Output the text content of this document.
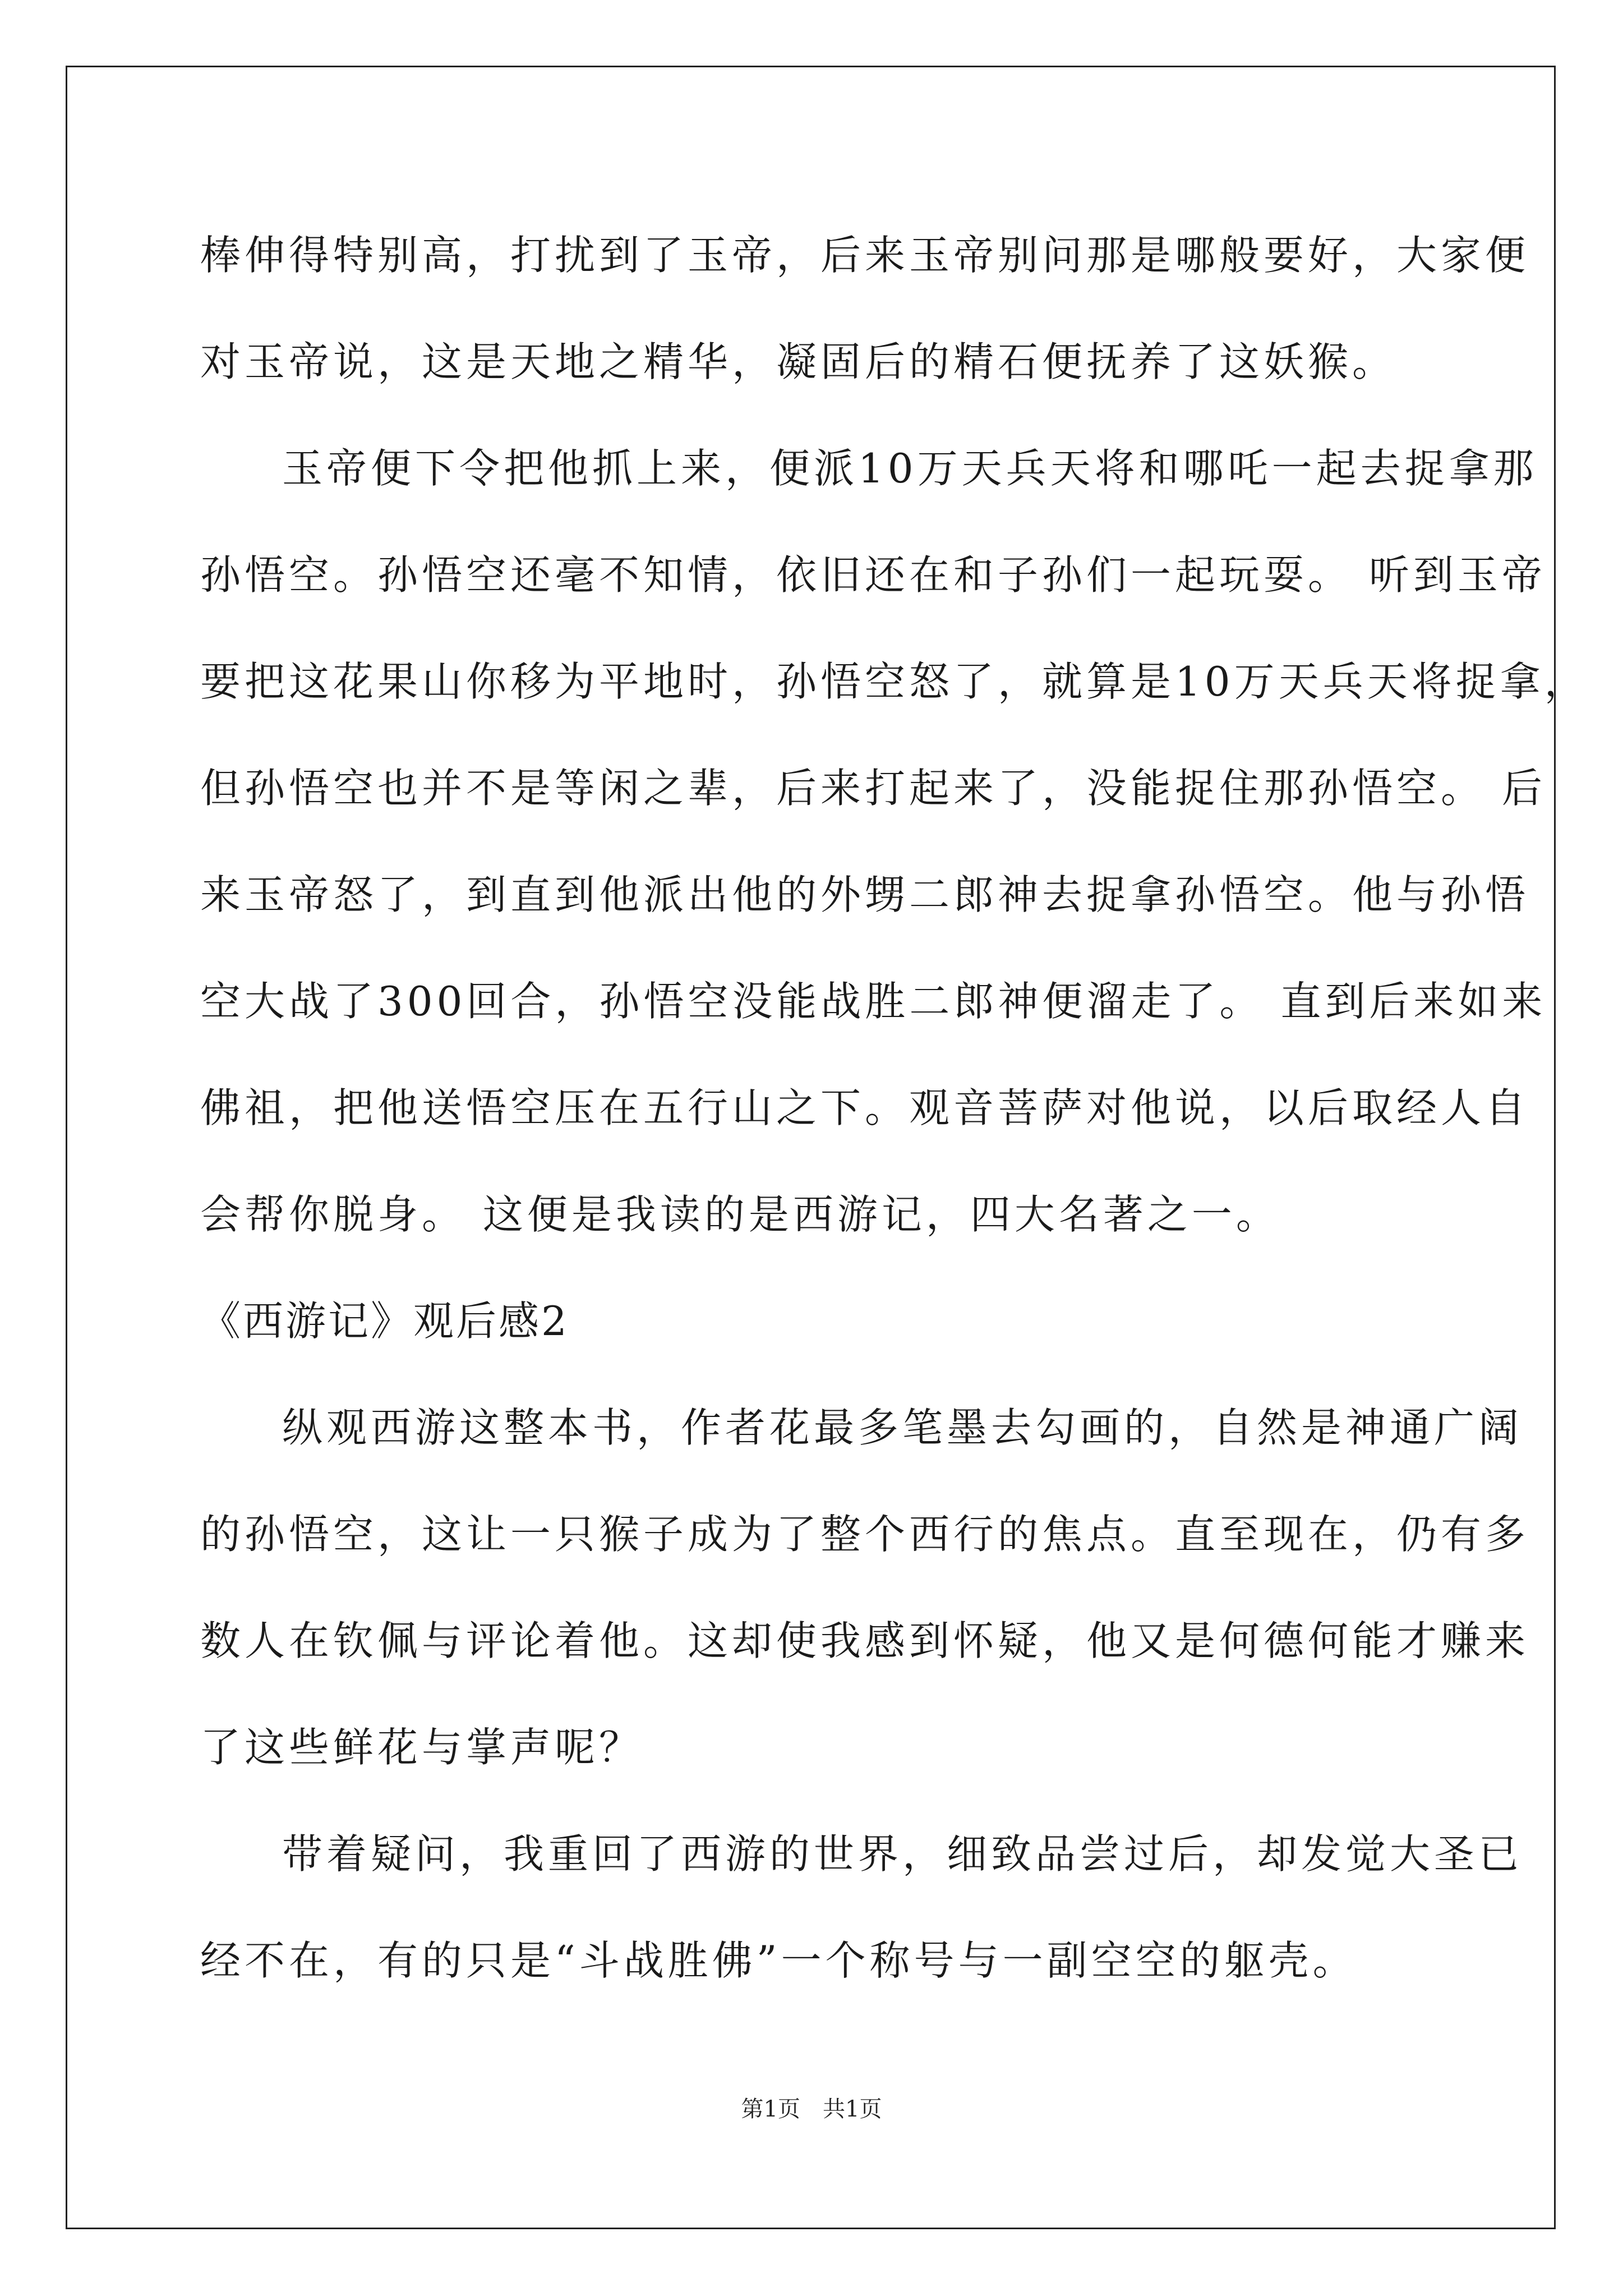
棒伸得特别高，打扰到了玉帝，后来玉帝别问那是哪般要好，大家便
对玉帝说，这是天地之精华，凝固后的精石便抚养了这妖猴。
玉帝便下令把他抓上来，便派10万天兵天将和哪吒一起去捉拿那
孙悟空。孙悟空还毫不知情，依旧还在和子孙们一起玩耍。 听到玉帝
要把这花果山你移为平地时，孙悟空怒了，就算是10万天兵天将捉拿，
但孙悟空也并不是等闲之辈，后来打起来了，没能捉住那孙悟空。 后
来玉帝怒了，到直到他派出他的外甥二郎神去捉拿孙悟空。他与孙悟
空大战了300回合，孙悟空没能战胜二郎神便溜走了。 直到后来如来
佛祖，把他送悟空压在五行山之下。观音菩萨对他说，以后取经人自
会帮你脱身。 这便是我读的是西游记，四大名著之一。
《西游记》观后感2
纵观西游这整本书，作者花最多笔墨去勾画的，自然是神通广阔
的孙悟空，这让一只猴子成为了整个西行的焦点。直至现在，仍有多
数人在钦佩与评论着他。这却使我感到怀疑，他又是何德何能才赚来
了这些鲜花与掌声呢？
带着疑问，我重回了西游的世界，细致品尝过后，却发觉大圣已
经不在，有的只是“斗战胜佛”一个称号与一副空空的躯壳。
第1页　共1页
